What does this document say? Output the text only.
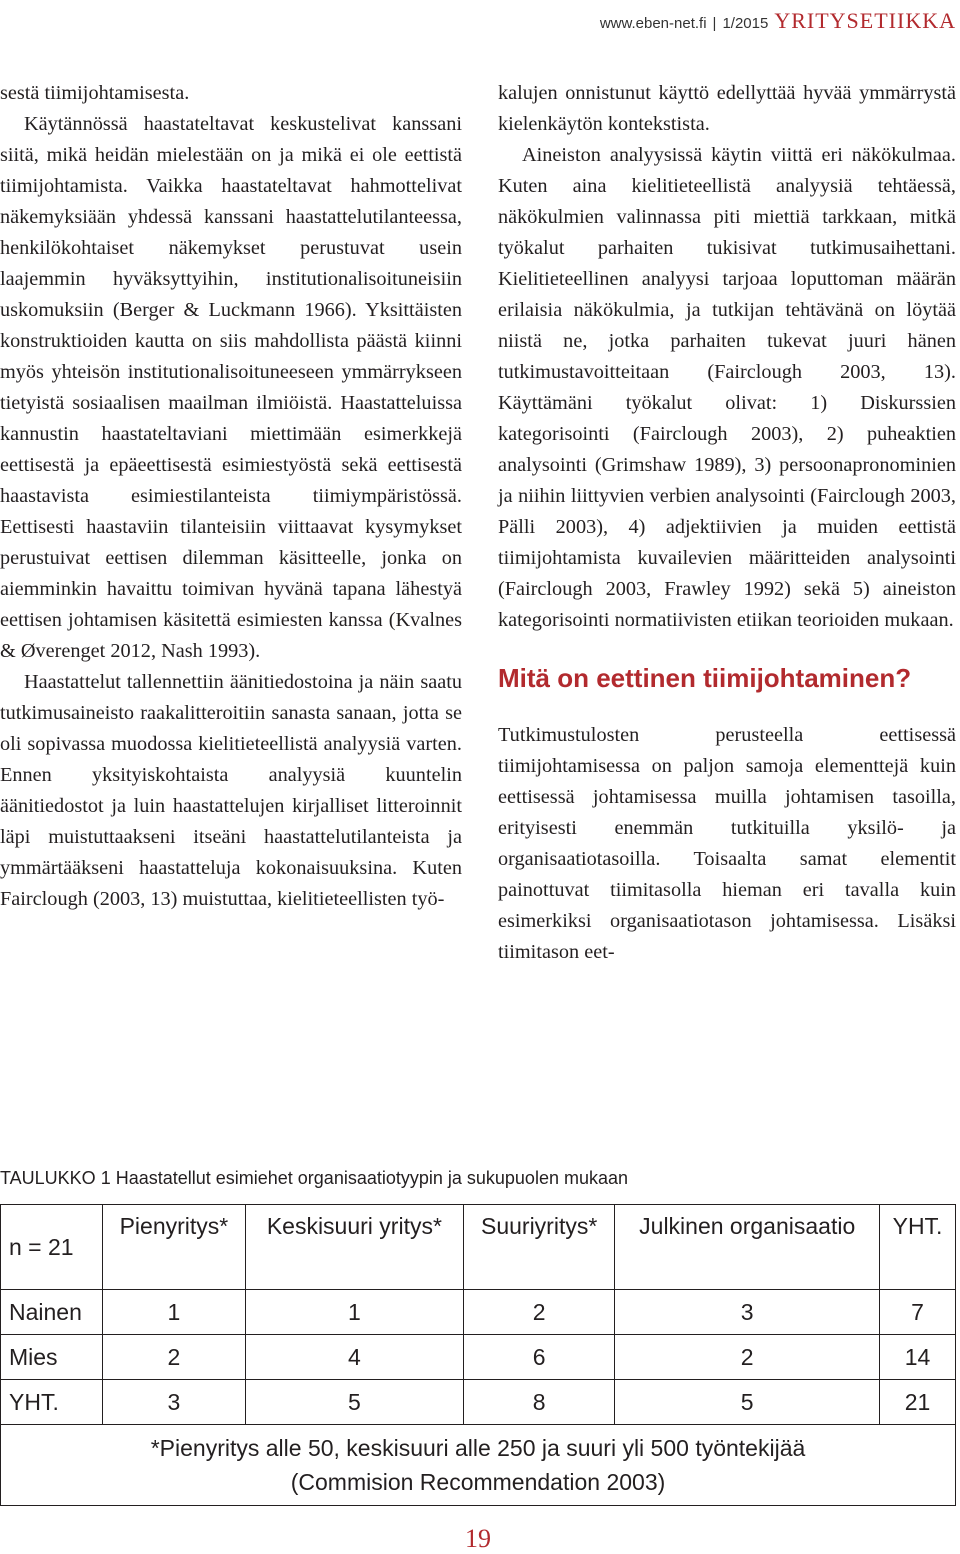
www.eben-net.fi | 1/2015 YRITYSETIIKKA

sestä tiimijohtamisesta.

Käytännössä haastateltavat keskustelivat kanssani siitä, mikä heidän mielestään on ja mikä ei ole eettistä tiimijohtamista. Vaikka haastateltavat hahmottelivat näkemyksiään yhdessä kanssani haastattelutilanteessa, henkilökohtaiset näkemykset perustuvat usein laajemmin hyväksyttyihin, institutionalisoituneisiin uskomuksiin (Berger & Luckmann 1966). Yksittäisten konstruktioiden kautta on siis mahdollista päästä kiinni myös yhteisön institutionalisoituneeseen ymmärrykseen tietyistä sosiaalisen maailman ilmiöistä. Haastatteluissa kannustin haastateltaviani miettimään esimerkkejä eettisestä ja epäeettisestä esimiestyöstä sekä eettisestä haastavista esimiestilanteista tiimiympäristössä. Eettisesti haastaviin tilanteisiin viittaavat kysymykset perustuivat eettisen dilemman käsitteelle, jonka on aiemminkin havaittu toimivan hyvänä tapana lähestyä eettisen johtamisen käsitettä esimiesten kanssa (Kvalnes & Øverenget 2012, Nash 1993).

Haastattelut tallennettiin äänitiedostoina ja näin saatu tutkimusaineisto raakalitteroitiin sanasta sanaan, jotta se oli sopivassa muodossa kielitieteellistä analyysiä varten. Ennen yksityiskohtaista analyysiä kuuntelin äänitiedostot ja luin haastattelujen kirjalliset litteroinnit läpi muistuttaakseni itseäni haastattelutilanteista ja ymmärtääkseni haastatteluja kokonaisuuksina. Kuten Fairclough (2003, 13) muistuttaa, kielitieteellisten työ-

kalujen onnistunut käyttö edellyttää hyvää ymmärrystä kielenkäytön kontekstista.

Aineiston analyysissä käytin viittä eri näkökulmaa. Kuten aina kielitieteellistä analyysiä tehtäessä, näkökulmien valinnassa piti miettiä tarkkaan, mitkä työkalut parhaiten tukisivat tutkimusaihettani. Kielitieteellinen analyysi tarjoaa loputtoman määrän erilaisia näkökulmia, ja tutkijan tehtävänä on löytää niistä ne, jotka parhaiten tukevat juuri hänen tutkimustavoitteitaan (Fairclough 2003, 13). Käyttämäni työkalut olivat: 1) Diskurssien kategorisointi (Fairclough 2003), 2) puheaktien analysointi (Grimshaw 1989), 3) persoonapronominien ja niihin liittyvien verbien analysointi (Fairclough 2003, Pälli 2003), 4) adjektiivien ja muiden eettistä tiimijohtamista kuvailevien määritteiden analysointi (Fairclough 2003, Frawley 1992) sekä 5) aineiston kategorisointi normatiivisten etiikan teorioiden mukaan.

Mitä on eettinen tiimijohtaminen?

Tutkimustulosten perusteella eettisessä tiimijohtamisessa on paljon samoja elementtejä kuin eettisessä johtamisessa muilla johtamisen tasoilla, erityisesti enemmän tutkituilla yksilö- ja organisaatiotasoilla. Toisaalta samat elementit painottuvat tiimitasolla hieman eri tavalla kuin esimerkiksi organisaatiotason johtamisessa. Lisäksi tiimitason eet-

TAULUKKO 1 Haastatellut esimiehet organisaatiotyypin ja sukupuolen mukaan
n = 21	Pienyritys*	Keskisuuri yritys*	Suuriyritys*	Julkinen organisaatio	YHT.
Nainen	1	1	2	3	7
Mies	2	4	6	2	14
YHT.	3	5	8	5	21

*Pienyritys alle 50, keskisuuri alle 250 ja suuri yli 500 työntekijää
(Commision Recommendation 2003)					
19
